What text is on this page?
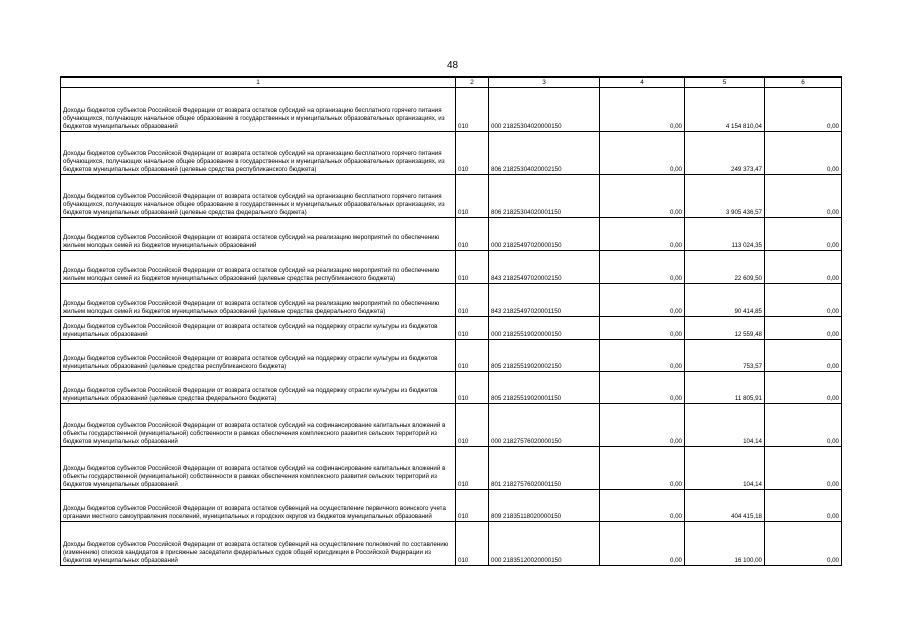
48
1	2	3	4	5	6
Доходы бюджетов субъектов Российской Федерации от возврата остатков субсидий на организацию бесплатного горячего питания обучающихся, получающих начальное общее образование в государственных и муниципальных образовательных организациях, из бюджетов муниципальных образований	010	000 21825304020000150	0,00	4 154 810,04	0,00
Доходы бюджетов субъектов Российской Федерации от возврата остатков субсидий на организацию бесплатного горячего питания обучающихся, получающих начальное общее образование в государственных и муниципальных образовательных организациях, из бюджетов муниципальных образований (целевые средства республиканского бюджета)	010	806 21825304020002150	0,00	249 373,47	0,00
Доходы бюджетов субъектов Российской Федерации от возврата остатков субсидий на организацию бесплатного горячего питания обучающихся, получающих начальное общее образование в государственных и муниципальных образовательных организациях, из бюджетов муниципальных образований (целевые средства федерального бюджета)	010	806 21825304020001150	0,00	3 905 436,57	0,00
Доходы бюджетов субъектов Российской Федерации от возврата остатков субсидий на реализацию мероприятий по обеспечению жильем молодых семей из бюджетов муниципальных образований	010	000 21825497020000150	0,00	113 024,35	0,00
Доходы бюджетов субъектов Российской Федерации от возврата остатков субсидий на реализацию мероприятий по обеспечению жильем молодых семей из бюджетов муниципальных образований (целевые средства республиканского бюджета)	010	843 21825497020002150	0,00	22 609,50	0,00
Доходы бюджетов субъектов Российской Федерации от возврата остатков субсидий на реализацию мероприятий по обеспечению жильем молодых семей из бюджетов муниципальных образований (целевые средства федерального бюджета)	010	843 21825497020001150	0,00	90 414,85	0,00
Доходы бюджетов субъектов Российской Федерации от возврата остатков субсидий на поддержку отрасли культуры из бюджетов муниципальных образований	010	000 21825519020000150	0,00	12 559,48	0,00
Доходы бюджетов субъектов Российской Федерации от возврата остатков субсидий на поддержку отрасли культуры из бюджетов муниципальных образований (целевые средства республиканского бюджета)	010	805 21825519020002150	0,00	753,57	0,00
Доходы бюджетов субъектов Российской Федерации от возврата остатков субсидий на поддержку отрасли культуры из бюджетов муниципальных образований (целевые средства федерального бюджета)	010	805 21825519020001150	0,00	11 805,91	0,00
Доходы бюджетов субъектов Российской Федерации от возврата остатков субсидий на софинансирование капитальных вложений в объекты государственной (муниципальной) собственности в рамках обеспечения комплексного развития сельских территорий из бюджетов муниципальных образований	010	000 21827576020000150	0,00	104,14	0,00
Доходы бюджетов субъектов Российской Федерации от возврата остатков субсидий на софинансирование капитальных вложений в объекты государственной (муниципальной) собственности в рамках обеспечения комплексного развития сельских территорий из бюджетов муниципальных образований	010	801 21827576020001150	0,00	104,14	0,00
Доходы бюджетов субъектов Российской Федерации от возврата остатков субвенций на осуществление первичного воинского учета органами местного самоуправления поселений, муниципальных и городских округов из бюджетов муниципальных образований	010	809 21835118020000150	0,00	404 415,18	0,00
Доходы бюджетов субъектов Российской Федерации от возврата остатков субвенций на осуществление полномочий по составлению (изменению) списков кандидатов в присяжные заседатели федеральных судов общей юрисдикции в Российской Федерации из бюджетов муниципальных образований	010	000 21835120020000150	0,00	16 100,00	0,00
